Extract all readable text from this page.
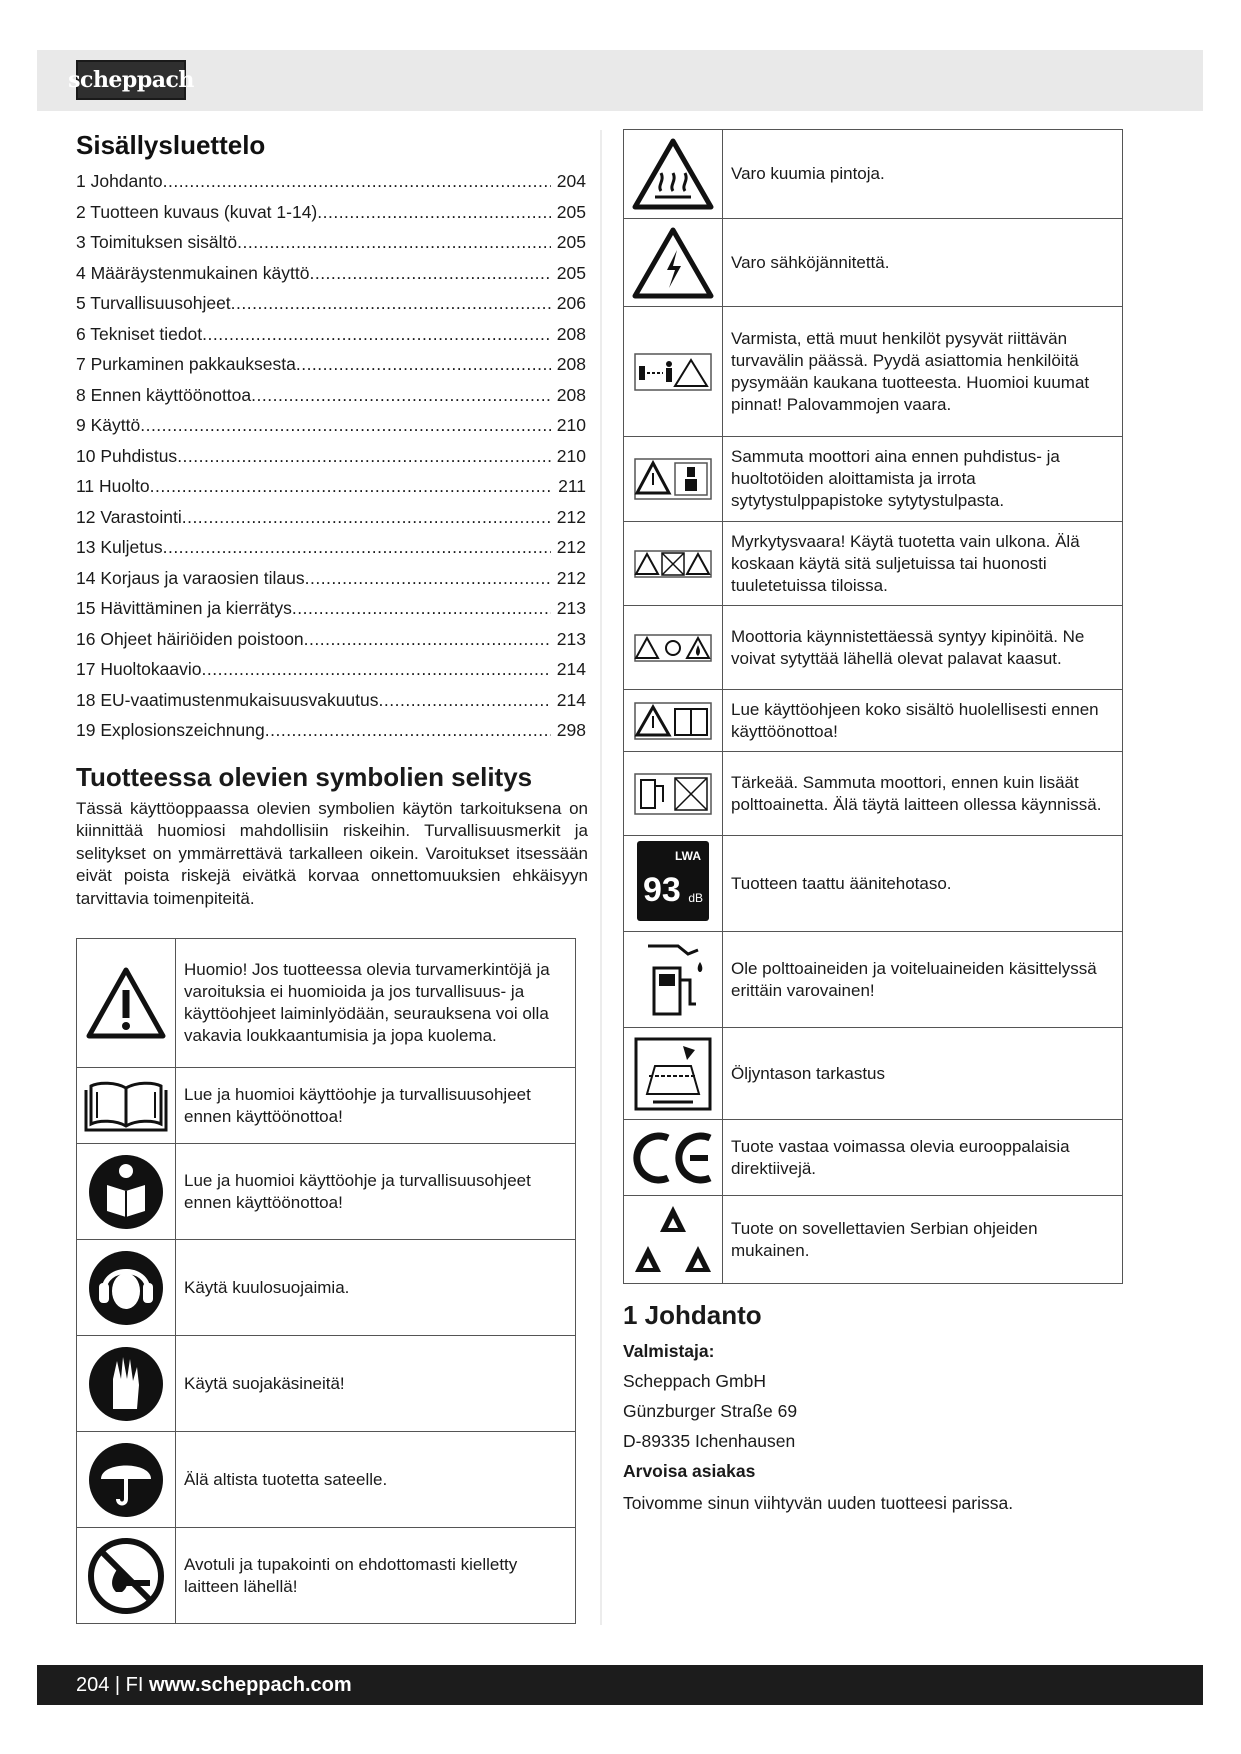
scheppach
Sisällysluettelo
1 Johdanto .....	204
2 Tuotteen kuvaus (kuvat 1-14) .....	205
3 Toimituksen sisältö .....	205
4 Määräystenmukainen käyttö .....	205
5 Turvallisuusohjeet .....	206
6 Tekniset tiedot .....	208
7 Purkaminen pakkauksesta .....	208
8 Ennen käyttöönottoa .....	208
9 Käyttö .....	210
10 Puhdistus .....	210
11 Huolto .....	211
12 Varastointi .....	212
13 Kuljetus .....	212
14 Korjaus ja varaosien tilaus .....	212
15 Hävittäminen ja kierrätys .....	213
16 Ohjeet häiriöiden poistoon .....	213
17 Huoltokaavio .....	214
18 EU-vaatimustenmukaisuusvakuutus .....	214
19 Explosionszeichnung .....	298
Tuotteessa olevien symbolien selitys
Tässä käyttöoppaassa olevien symbolien käytön tarkoituksena on kiinnittää huomiosi mahdollisiin riskeihin. Turvallisuusmerkit ja selitykset on ymmärrettävä tarkalleen oikein. Varoitukset itsessään eivät poista riskejä eivätkä korvaa onnettomuuksien ehkäisyyn tarvittavia toimenpiteitä.
	Huomio! Jos tuotteessa olevia turvamerkintöjä ja varoituksia ei huomioida ja jos turvallisuus- ja käyttöohjeet laiminlyödään, seurauksena voi olla vakavia loukkaantumisia ja jopa kuolema.
	Lue ja huomioi käyttöohje ja turvallisuusohjeet ennen käyttöönottoa!
	Lue ja huomioi käyttöohje ja turvallisuusohjeet ennen käyttöönottoa!
	Käytä kuulosuojaimia.
	Käytä suojakäsineitä!
	Älä altista tuotetta sateelle.
	Avotuli ja tupakointi on ehdottomasti kielletty laitteen lähellä!
	Varo kuumia pintoja.
	Varo sähköjännitettä.
	Varmista, että muut henkilöt pysyvät riittävän turvavälin päässä. Pyydä asiattomia henkilöitä pysymään kaukana tuotteesta. Huomioi kuumat pinnat! Palovammojen vaara.
	Sammuta moottori aina ennen puhdistus- ja huoltotöiden aloittamista ja irrota sytytystulppapistoke sytytystulpasta.
	Myrkytysvaara! Käytä tuotetta vain ulkona. Älä koskaan käytä sitä suljetuissa tai huonosti tuuletetuissa tiloissa.
	Moottoria käynnistettäessä syntyy kipinöitä. Ne voivat sytyttää lähellä olevat palavat kaasut.
	Lue käyttöohjeen koko sisältö huolellisesti ennen käyttöönottoa!
	Tärkeää. Sammuta moottori, ennen kuin lisäät polttoainetta. Älä täytä laitteen ollessa käynnissä.

LWA
93 dB	Tuotteen taattu äänitehotaso.
	Ole polttoaineiden ja voiteluaineiden käsittelyssä erittäin varovainen!
	Öljyntason tarkastus
	Tuote vastaa voimassa olevia eurooppalaisia direktiivejä.
	Tuote on sovellettavien Serbian ohjeiden mukainen.
1 Johdanto
Valmistaja:
Scheppach GmbH
Günzburger Straße 69
D-89335 Ichenhausen
Arvoisa asiakas
Toivomme sinun viihtyvän uuden tuotteesi parissa.
204 | FI www.scheppach.com
